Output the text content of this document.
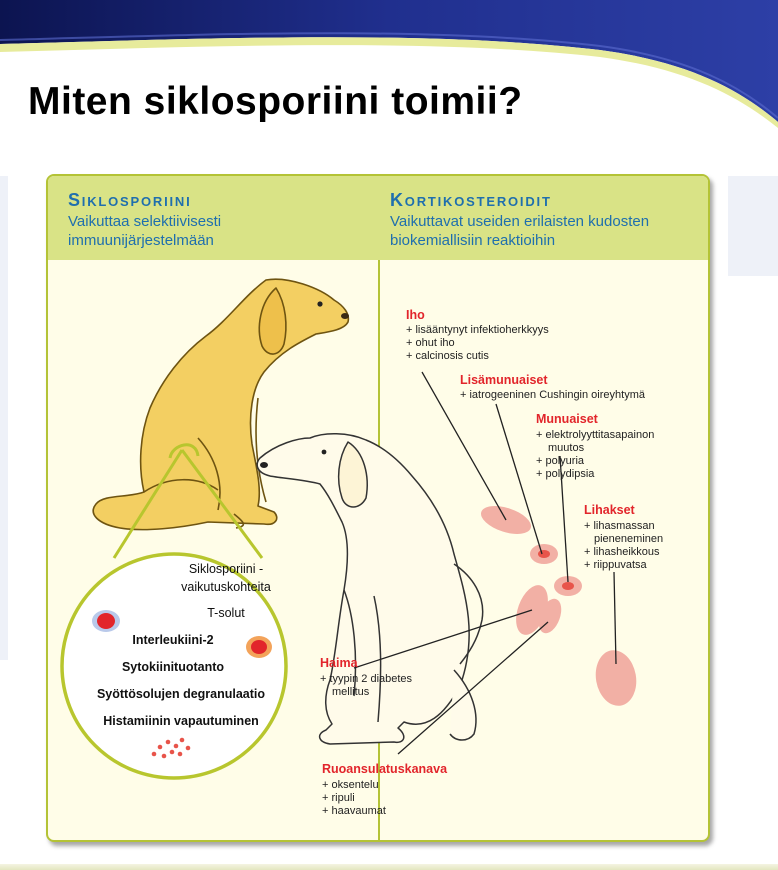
Miten siklosporiini toimii?
Siklosporiini
Vaikuttaa selektiivisesti
immuunijärjestelmään
Kortikosteroidit
Vaikuttavat useiden erilaisten kudosten
biokemiallisiin reaktioihin
Siklosporiini -
vaikutuskohteita
T-solut
Interleukiini-2
Sytokiinituotanto
Syöttösolujen degranulaatio
Histamiinin vapautuminen
Iho
+ lisääntynyt infektioherkkyys
+ ohut iho
+ calcinosis cutis
Lisämunuaiset
+ iatrogeeninen Cushingin oireyhtymä
Munuaiset
+ elektrolyyttitasapainon
muutos
+ polyuria
+ polydipsia
Lihakset
+ lihasmassan
pieneneminen
+ lihasheikkous
+ riippuvatsa
Haima
+ tyypin 2 diabetes
mellitus
Ruoansulatuskanava
+ oksentelu
+ ripuli
+ haavaumat
